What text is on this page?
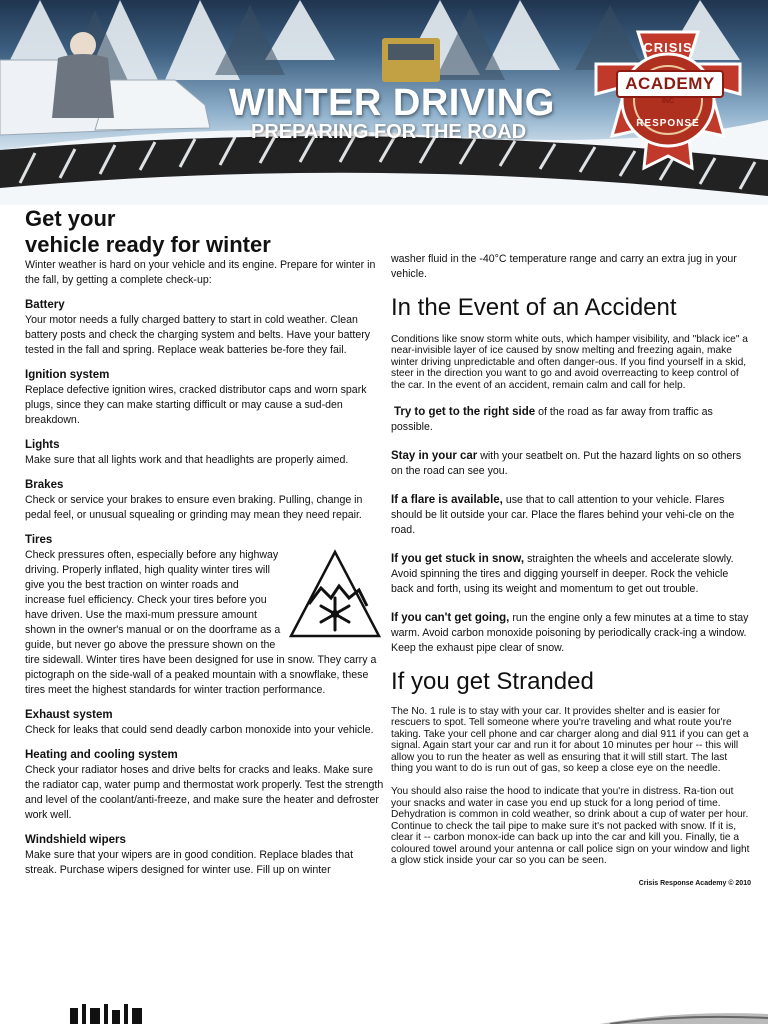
WINTER DRIVING
PREPARING FOR THE ROAD
CRISIS
ACADEMY
INC
RESPONSE
Get your
vehicle ready for winter

Winter weather is hard on your vehicle and its engine. Prepare for winter in the fall, by getting a complete check-up:

Battery

Your motor needs a fully charged battery to start in cold weather. Clean battery posts and check the charging system and belts. Have your battery tested in the fall and spring. Replace weak batteries be-fore they fail.

Ignition system

Replace defective ignition wires, cracked distributor caps and worn spark plugs, since they can make starting difficult or may cause a sud-den breakdown.

Lights

Make sure that all lights work and that headlights are properly aimed.

Brakes

Check or service your brakes to ensure even braking. Pulling, change in pedal feel, or unusual squealing or grinding may mean they need repair.

Tires

Check pressures often, especially before any highway driving. Properly inflated, high quality winter tires will give you the best traction on winter roads and increase fuel efficiency. Check your tires before you have driven. Use the maxi-mum pressure amount shown in the owner's manual or on the doorframe as a guide, but never go above the pressure shown on the tire sidewall. Winter tires have been designed for use in snow. They carry a pictograph on the side-wall of a peaked mountain with a snowflake, these tires meet the highest standards for winter traction performance.

Exhaust system

Check for leaks that could send deadly carbon monoxide into your vehicle.

Heating and cooling system

Check your radiator hoses and drive belts for cracks and leaks. Make sure the radiator cap, water pump and thermostat work properly. Test the strength and level of the coolant/anti-freeze, and make sure the heater and defroster work well.

Windshield wipers

Make sure that your wipers are in good condition. Replace blades that streak. Purchase wipers designed for winter use. Fill up on winter

washer fluid in the -40°C temperature range and carry an extra jug in your vehicle.

In the Event of an Accident

Conditions like snow storm white outs, which hamper visibility, and "black ice" a near-invisible layer of ice caused by snow melting and freezing again, make winter driving unpredictable and often danger-ous. If you find yourself in a skid, steer in the direction you want to go and avoid overreacting to keep control of the car. In the event of an accident, remain calm and call for help.

Try to get to the right side of the road as far away from traffic as possible.

Stay in your car with your seatbelt on. Put the hazard lights on so others on the road can see you.

If a flare is available, use that to call attention to your vehicle. Flares should be lit outside your car. Place the flares behind your vehi-cle on the road.

If you get stuck in snow, straighten the wheels and accelerate slowly. Avoid spinning the tires and digging yourself in deeper. Rock the vehicle back and forth, using its weight and momentum to get out trouble.

If you can't get going, run the engine only a few minutes at a time to stay warm. Avoid carbon monoxide poisoning by periodically crack-ing a window. Keep the exhaust pipe clear of snow.

If you get Stranded

The No. 1 rule is to stay with your car. It provides shelter and is easier for rescuers to spot. Tell someone where you're traveling and what route you're taking. Take your cell phone and car charger along and dial 911 if you can get a signal. Again start your car and run it for about 10 minutes per hour -- this will allow you to run the heater as well as ensuring that it will still start. The last thing you want to do is run out of gas, so keep a close eye on the needle.

You should also raise the hood to indicate that you're in distress. Ra-tion out your snacks and water in case you end up stuck for a long period of time. Dehydration is common in cold weather, so drink about a cup of water per hour. Continue to check the tail pipe to make sure it's not packed with snow. If it is, clear it -- carbon monox-ide can back up into the car and kill you. Finally, tie a coloured towel around your antenna or call police sign on your window and light a glow stick inside your car so you can be seen.

Crisis Response Academy © 2010
